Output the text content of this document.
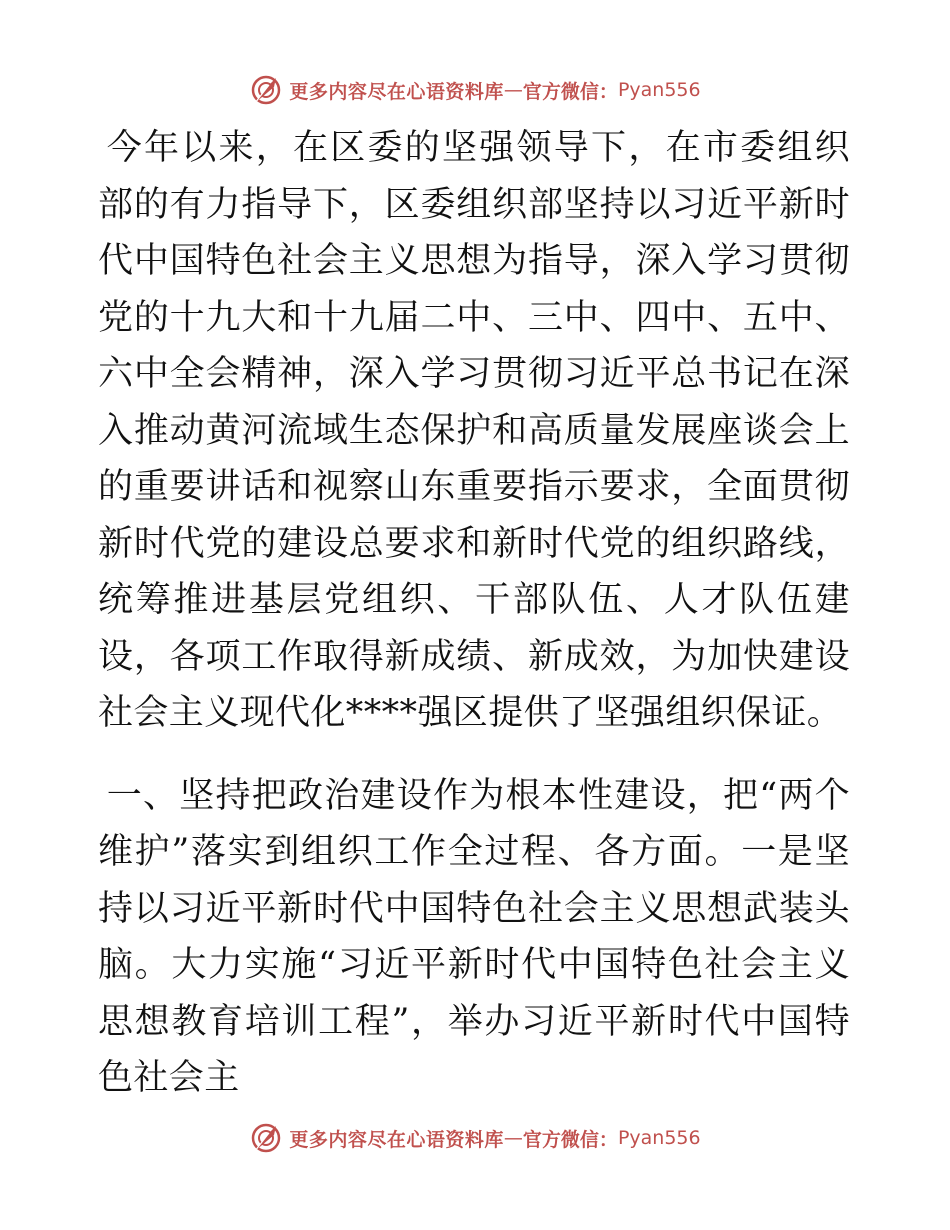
更多内容尽在心语资料库 — 官方微信： Pyan556

今年以来，在区委的坚强领导下，在市委组织部的有力指导下，区委组织部坚持以习近平新时代中国特色社会主义思想为指导，深入学习贯彻党的十九大和十九届二中、三中、四中、五中、六中全会精神，深入学习贯彻习近平总书记在深入推动黄河流域生态保护和高质量发展座谈会上的重要讲话和视察山东重要指示要求，全面贯彻新时代党的建设总要求和新时代党的组织路线，统筹推进基层党组织、干部队伍、人才队伍建设，各项工作取得新成绩、新成效，为加快建设社会主义现代化****强区提供了坚强组织保证。

一、坚持把政治建设作为根本性建设，把“两个维护”落实到组织工作全过程、各方面。一是坚持以习近平新时代中国特色社会主义思想武装头脑。大力实施“习近平新时代中国特色社会主义思想教育培训工程”，举办习近平新时代中国特色社会主

更多内容尽在心语资料库 — 官方微信： Pyan556
